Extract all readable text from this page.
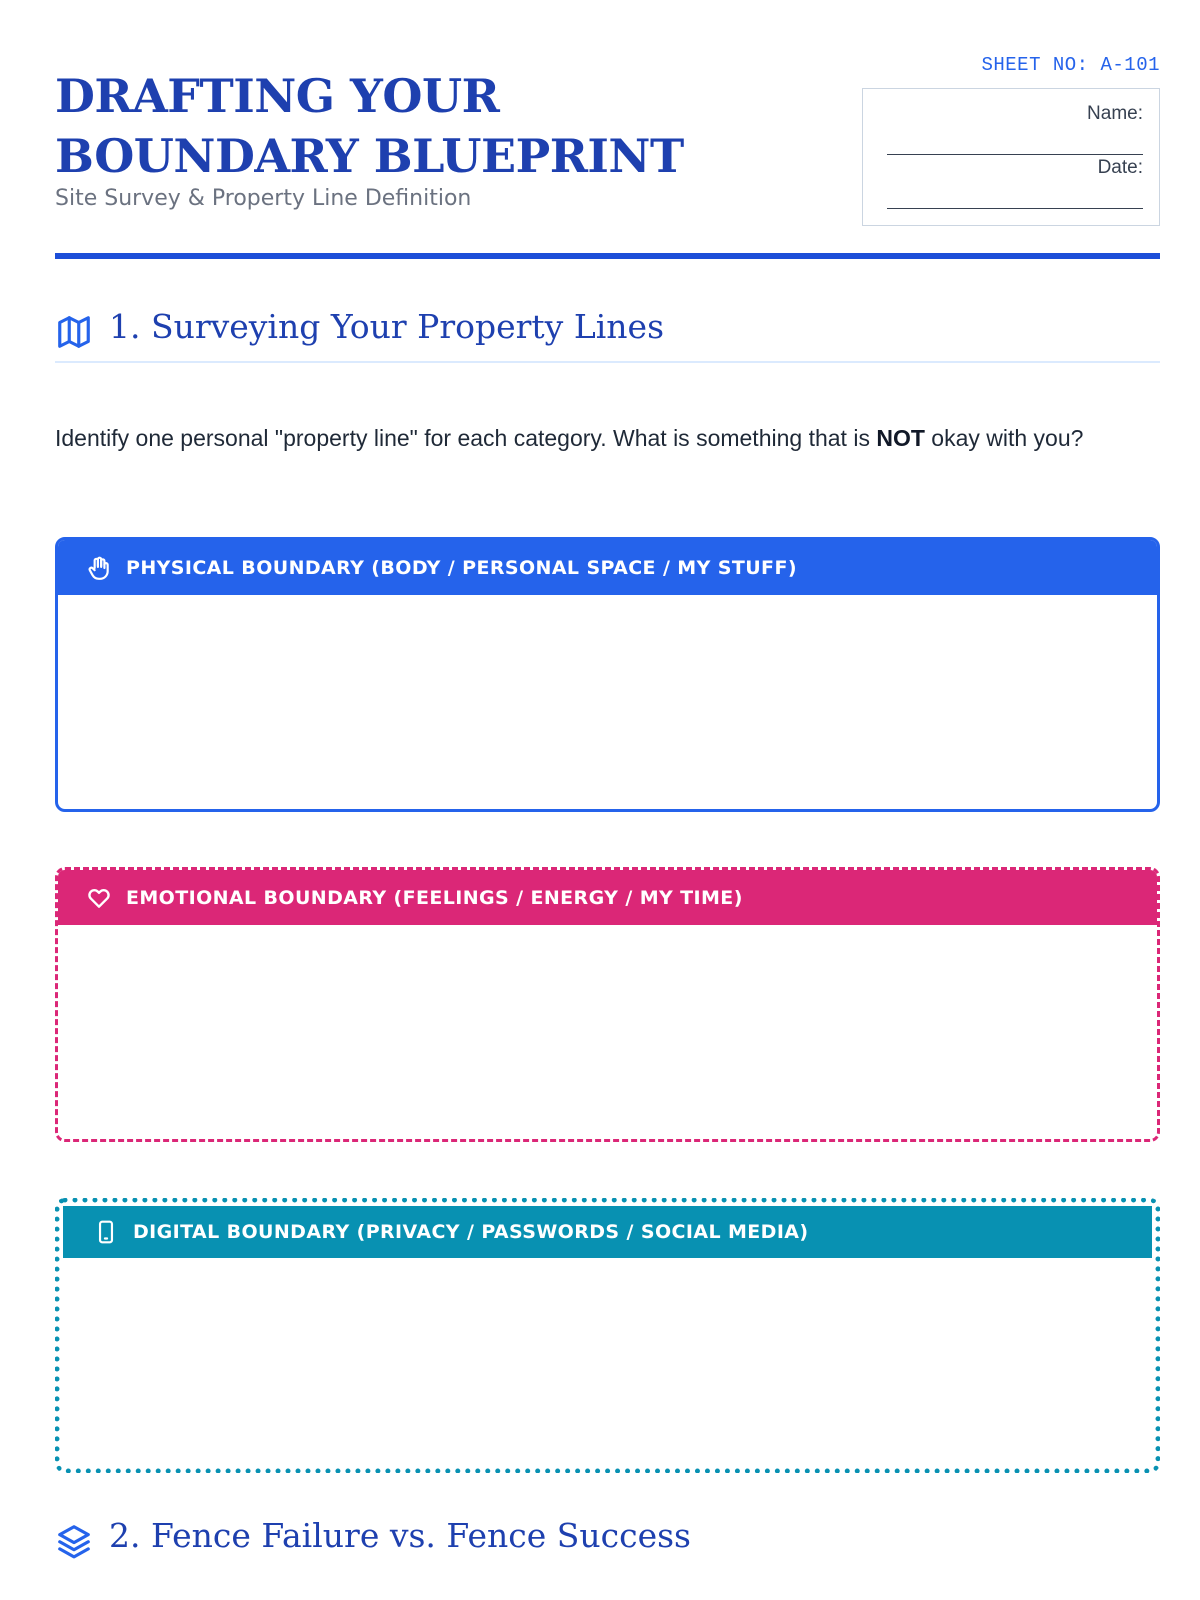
DRAFTING YOUR BOUNDARY BLUEPRINT
Site Survey & Property Line Definition
SHEET NO: A-101
Name:
Date:
1. Surveying Your Property Lines
Identify one personal "property line" for each category. What is something that is NOT okay with you?
PHYSICAL BOUNDARY (BODY / PERSONAL SPACE / MY STUFF)
EMOTIONAL BOUNDARY (FEELINGS / ENERGY / MY TIME)
DIGITAL BOUNDARY (PRIVACY / PASSWORDS / SOCIAL MEDIA)
2. Fence Failure vs. Fence Success
